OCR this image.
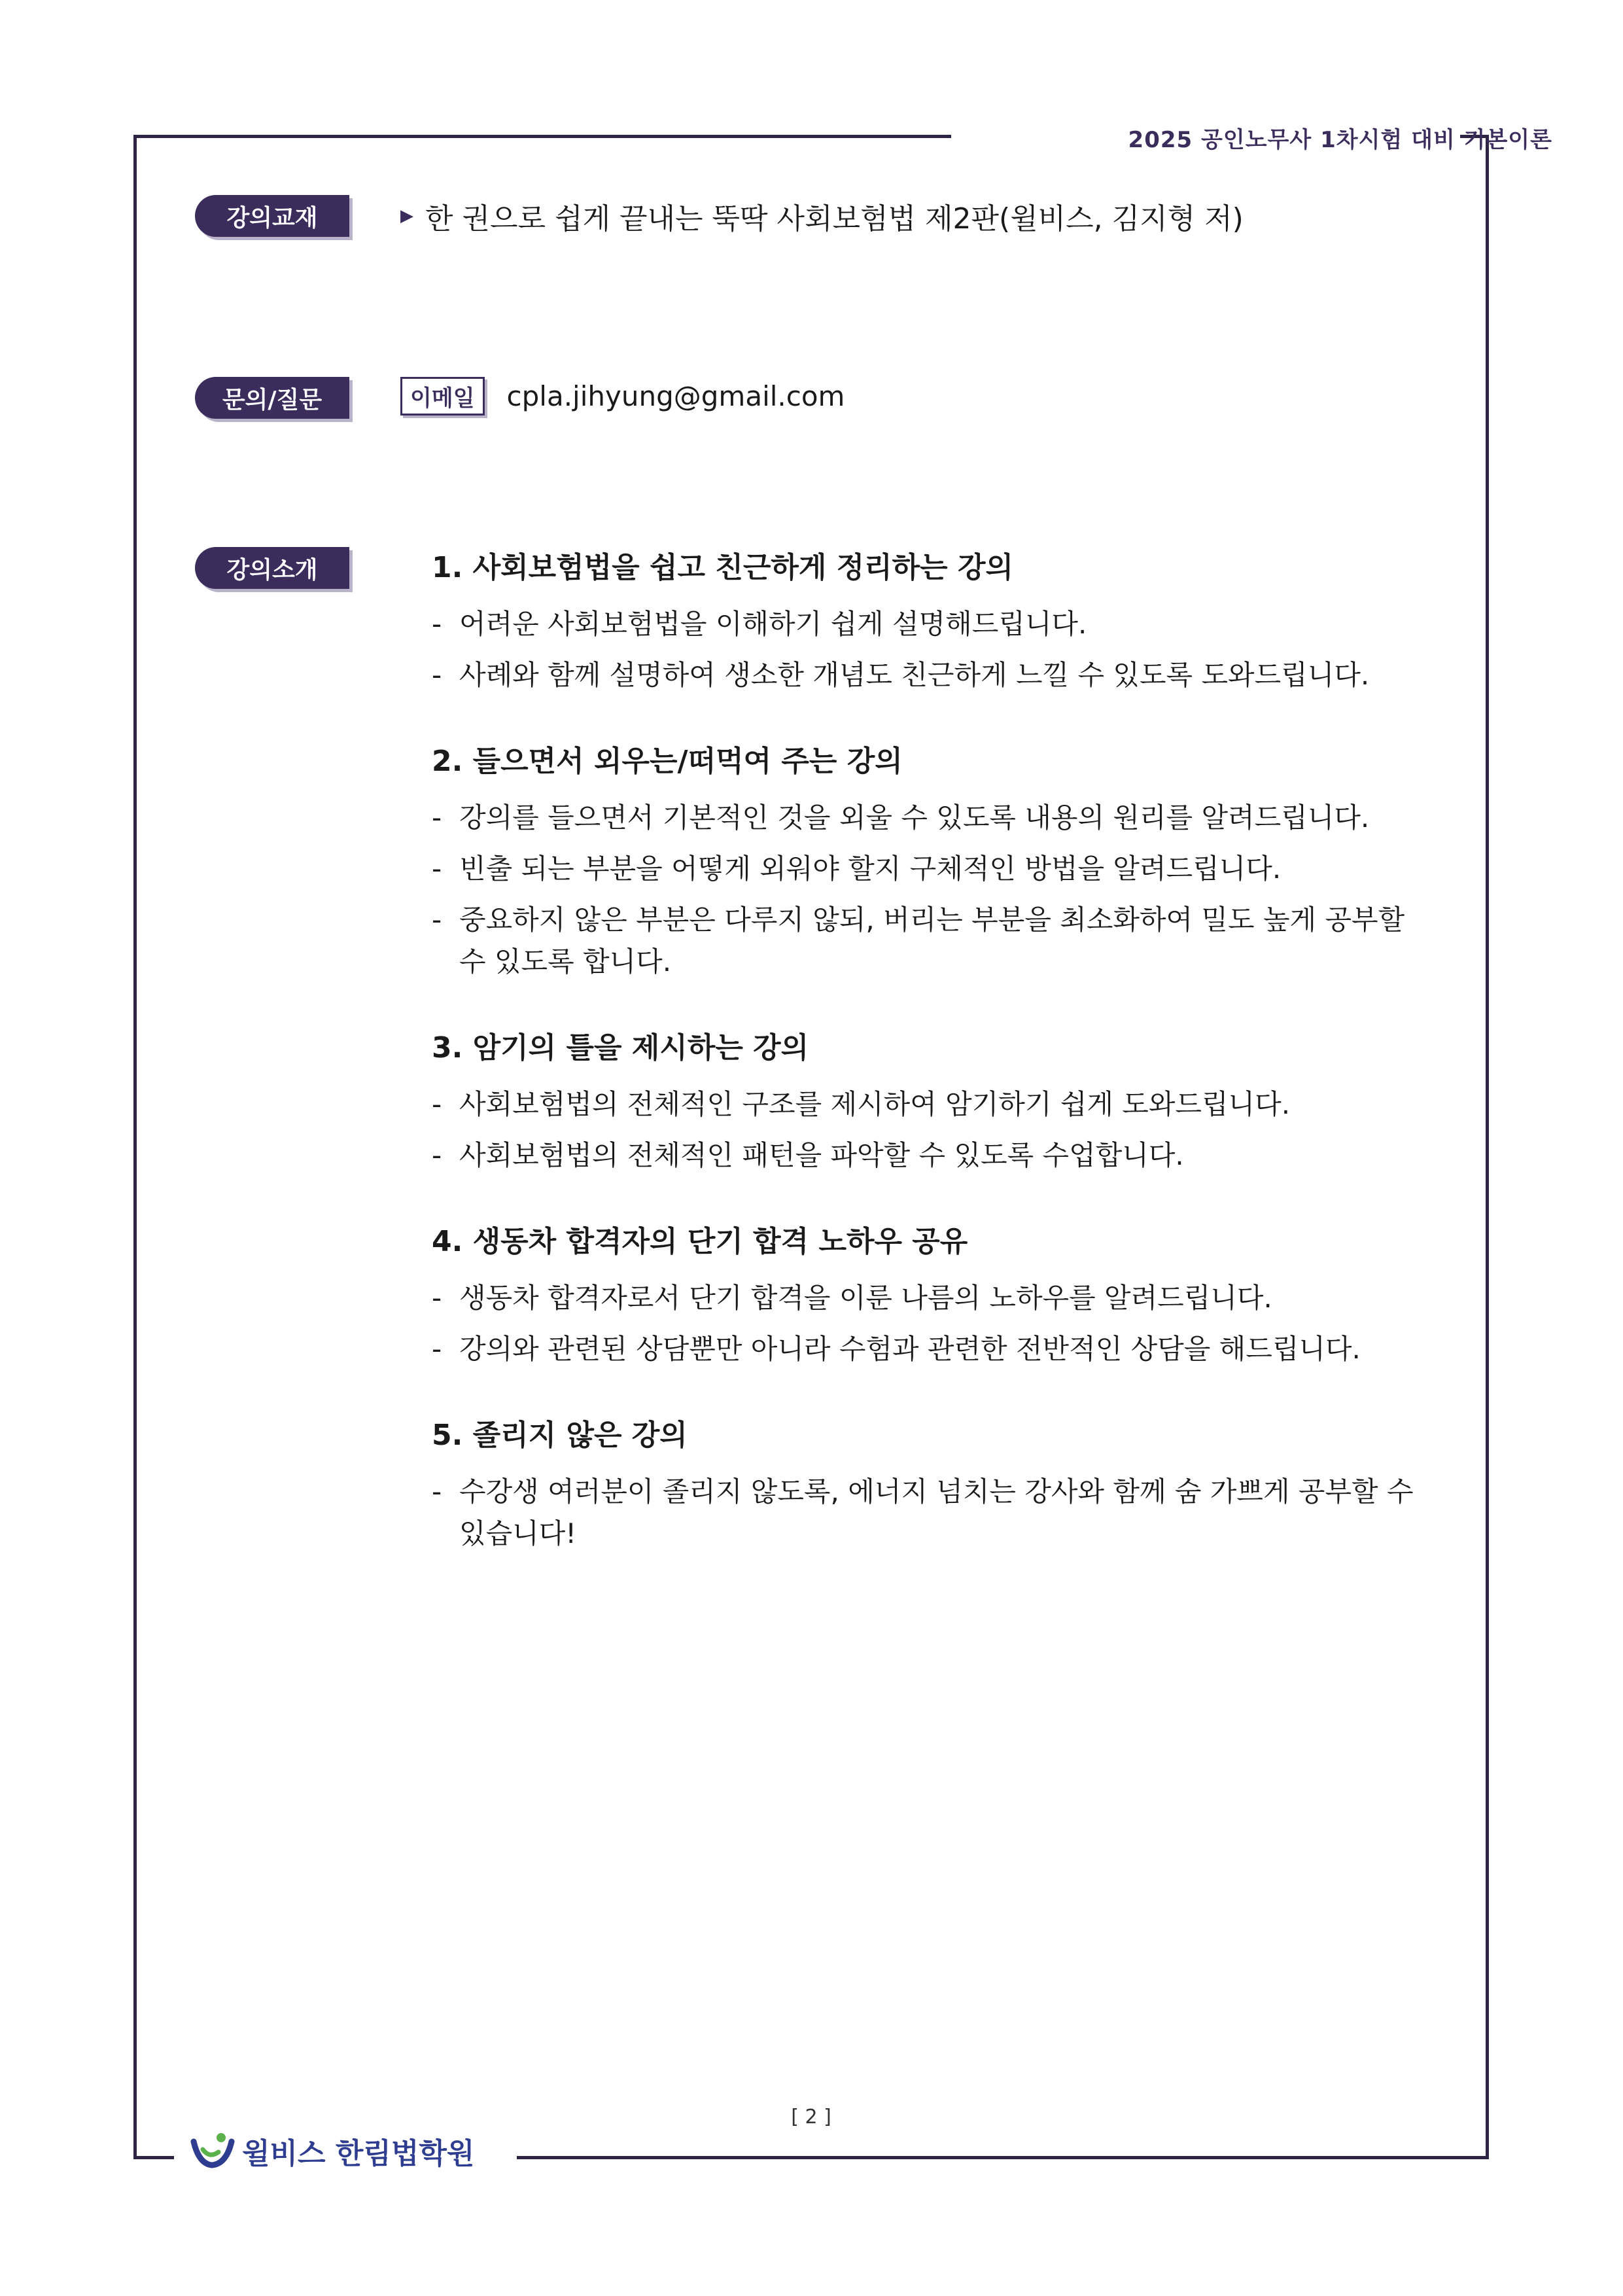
2025 공인노무사 1차시험 대비 기본이론
강의교재	▶ 한 권으로 쉽게 끝내는 뚝딱 사회보험법 제2판(윌비스, 김지형 저)
문의/질문	이메일	cpla.jihyung@gmail.com
강의소개	1. 사회보험법을 쉽고 친근하게 정리하는 강의
- 어려운 사회보험법을 이해하기 쉽게 설명해드립니다.
- 사례와 함께 설명하여 생소한 개념도 친근하게 느낄 수 있도록 도와드립니다.
2. 들으면서 외우는/떠먹여 주는 강의
- 강의를 들으면서 기본적인 것을 외울 수 있도록 내용의 원리를 알려드립니다.
- 빈출 되는 부분을 어떻게 외워야 할지 구체적인 방법을 알려드립니다.
- 중요하지 않은 부분은 다루지 않되, 버리는 부분을 최소화하여 밀도 높게 공부할 수 있도록 합니다.
3. 암기의 틀을 제시하는 강의
- 사회보험법의 전체적인 구조를 제시하여 암기하기 쉽게 도와드립니다.
- 사회보험법의 전체적인 패턴을 파악할 수 있도록 수업합니다.
4. 생동차 합격자의 단기 합격 노하우 공유
- 생동차 합격자로서 단기 합격을 이룬 나름의 노하우를 알려드립니다.
- 강의와 관련된 상담뿐만 아니라 수험과 관련한 전반적인 상담을 해드립니다.
5. 졸리지 않은 강의
- 수강생 여러분이 졸리지 않도록, 에너지 넘치는 강사와 함께 숨 가쁘게 공부할 수 있습니다!
[ 2 ]
윌비스 한림법학원
